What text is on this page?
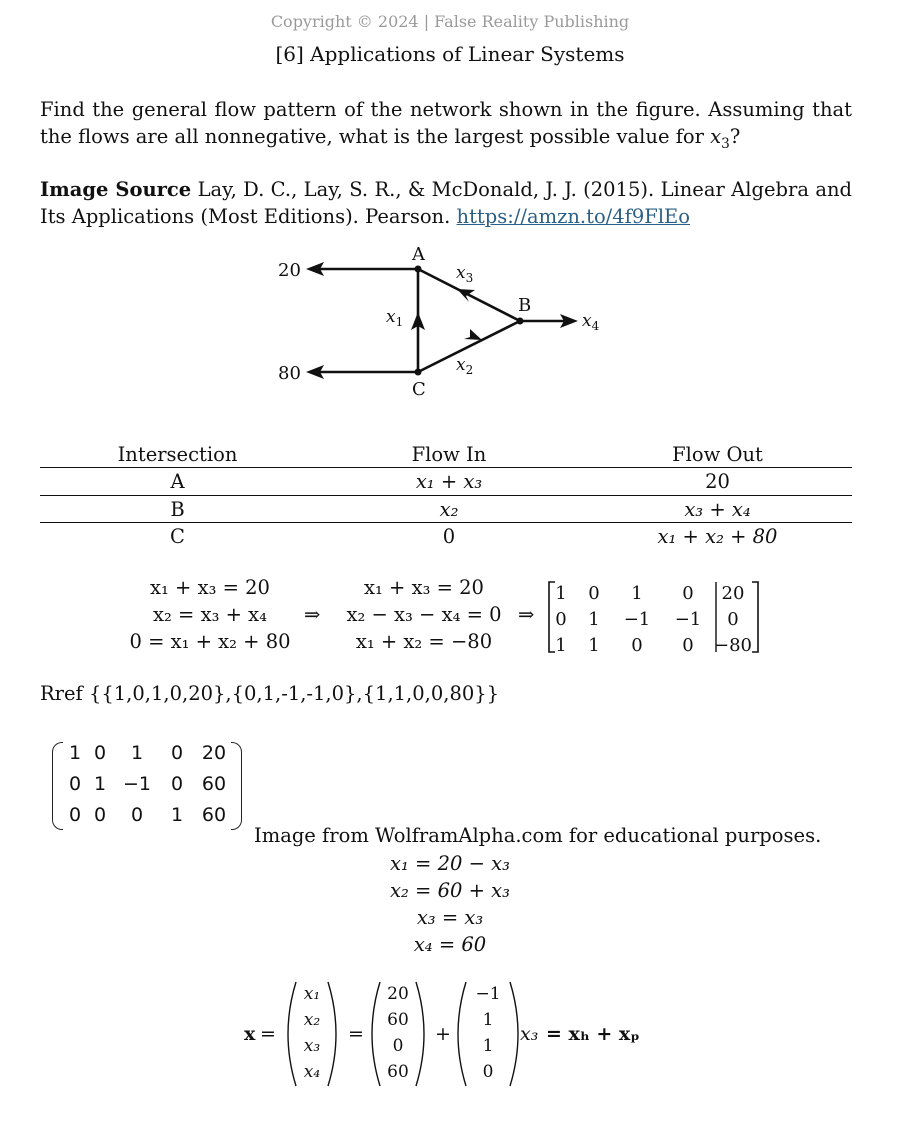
Copyright © 2024 | False Reality Publishing
[6] Applications of Linear Systems
Find the general flow pattern of the network shown in the figure. Assuming that the flows are all nonnegative, what is the largest possible value for $x_3$?
Image Source Lay, D. C., Lay, S. R., & McDonald, J. J. (2015). Linear Algebra and Its Applications (Most Editions). Pearson. https://amzn.to/4f9FlEo
20
80
A
B
C
$x_1$
$x_2$
$x_3$
$x_4$
Intersection	Flow In	Flow Out
A	x₁ + x₃	20
B	x₂	x₃ + x₄
C	0	x₁ + x₂ + 80
x₁ + x₃ = 20
x₂ = x₃ + x₄
0 = x₁ + x₂ + 80
⇒
x₁ + x₃ = 20
x₂ − x₃ − x₄ = 0
x₁ + x₂ = −80
⇒
1 0 1 0 20
0 1 −1 −1 0
1 1 0 0 −80
Rref {{1,0,1,0,20},{0,1,-1,-1,0},{1,1,0,0,80}}
1 0	1	0 20
0 1 −1	0 60
0 0	0	1 60
Image from WolframAlpha.com for educational purposes.
x₁ = 20 − x₃
x₂ = 60 + x₃
x₃ = x₃
x₄ = 60
x =	=	+	x₃ = xₕ + xₚ
x₁
x₂
x₃
x₄
20
60
0
60
−1
1
1
0
